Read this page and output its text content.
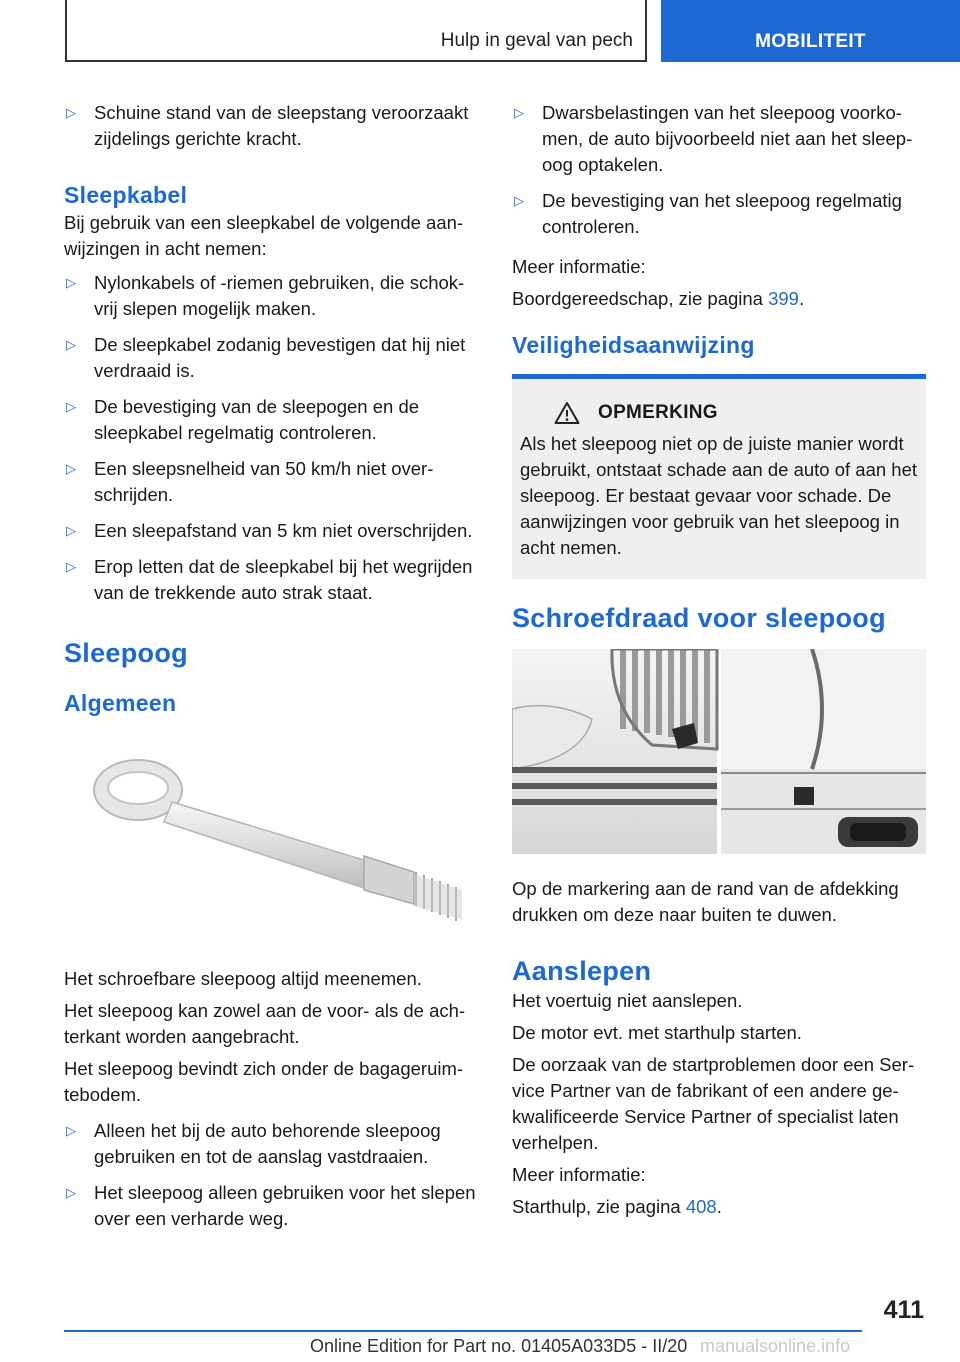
Hulp in geval van pech	MOBILITEIT
▷ Schuine stand van de sleepstang veroorzaakt zijdelings gerichte kracht.
Sleepkabel

Bij gebruik van een sleepkabel de volgende aanwijzingen in acht nemen:

▷ Nylonkabels of -riemen gebruiken, die schokvrij slepen mogelijk maken.
▷ De sleepkabel zodanig bevestigen dat hij niet verdraaid is.
▷ De bevestiging van de sleepogen en de sleepkabel regelmatig controleren.
▷ Een sleepsnelheid van 50 km/h niet overschrijden.
▷ Een sleepafstand van 5 km niet overschrijden.
▷ Erop letten dat de sleepkabel bij het wegrijden van de trekkende auto strak staat.
Sleepoog
Algemeen

Het schroefbare sleepoog altijd meenemen.

Het sleepoog kan zowel aan de voor- als de achterkant worden aangebracht.

Het sleepoog bevindt zich onder de bagageruimtebodem.

▷ Alleen het bij de auto behorende sleepoog gebruiken en tot de aanslag vastdraaien.
▷ Het sleepoog alleen gebruiken voor het slepen over een verharde weg.
▷ Dwarsbelastingen van het sleepoog voorkomen, de auto bijvoorbeeld niet aan het sleepoog optakelen.
▷ De bevestiging van het sleepoog regelmatig controleren.

Meer informatie:

Boordgereedschap, zie pagina 399.

Veiligheidsaanwijzing
OPMERKING

Als het sleepoog niet op de juiste manier wordt gebruikt, ontstaat schade aan de auto of aan het sleepoog. Er bestaat gevaar voor schade. De aanwijzingen voor gebruik van het sleepoog in acht nemen.

Schroefdraad voor sleepoog

Op de markering aan de rand van de afdekking drukken om deze naar buiten te duwen.

Aanslepen

Het voertuig niet aanslepen.

De motor evt. met starthulp starten.

De oorzaak van de startproblemen door een Service Partner van de fabrikant of een andere gekwalificeerde Service Partner of specialist laten verhelpen.

Meer informatie:

Starthulp, zie pagina 408.

411
Online Edition for Part no. 01405A033D5 - II/20 manualsonline.info
